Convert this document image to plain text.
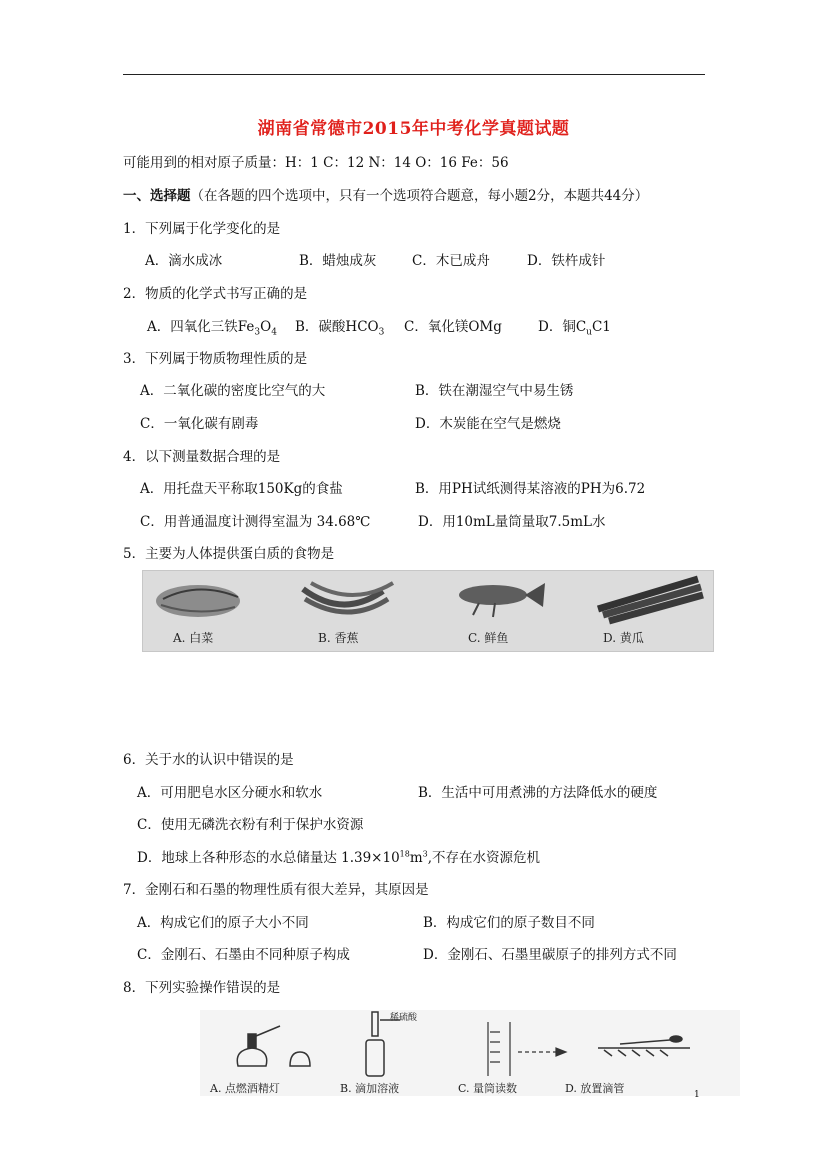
湖南省常德市2015年中考化学真题试题
可能用到的相对原子质量：H：1 C：12 N：14 O：16 Fe：56
一、选择题（在各题的四个选项中，只有一个选项符合题意，每小题2分，本题共44分）
1．下列属于化学变化的是
A．滴水成冰	B．蜡烛成灰	C．木已成舟	D．铁杵成针
2．物质的化学式书写正确的是
A．四氧化三铁$Fe_3O_4$ B．碳酸$HCO_3$ C．氧化镁OMg	D．铜$C_uC1$
3．下列属于物质物理性质的是
A．二氧化碳的密度比空气的大	B．铁在潮湿空气中易生锈
C．一氧化碳有剧毒	D．木炭能在空气是燃烧
4．以下测量数据合理的是
A．用托盘天平称取150Kg的食盐	B．用PH试纸测得某溶液的PH为6.72
C．用普通温度计测得室温为 34.68℃	D．用10mL量筒量取7.5mL水
5．主要为人体提供蛋白质的食物是
A. 白菜	B. 香蕉	C. 鲜鱼	D. 黄瓜
6．关于水的认识中错误的是
A．可用肥皂水区分硬水和软水	B．生活中可用煮沸的方法降低水的硬度
C．使用无磷洗衣粉有利于保护水资源
D．地球上各种形态的水总储量达 $1.39\times 10^{18}m^3$,不存在水资源危机
7．金刚石和石墨的物理性质有很大差异，其原因是
A．构成它们的原子大小不同	B．构成它们的原子数目不同
C．金刚石、石墨由不同种原子构成	D．金刚石、石墨里碳原子的排列方式不同
8．下列实验操作错误的是
稀硫酸
A. 点燃酒精灯	B. 滴加溶液	C. 量筒读数	D. 放置滴管	1
